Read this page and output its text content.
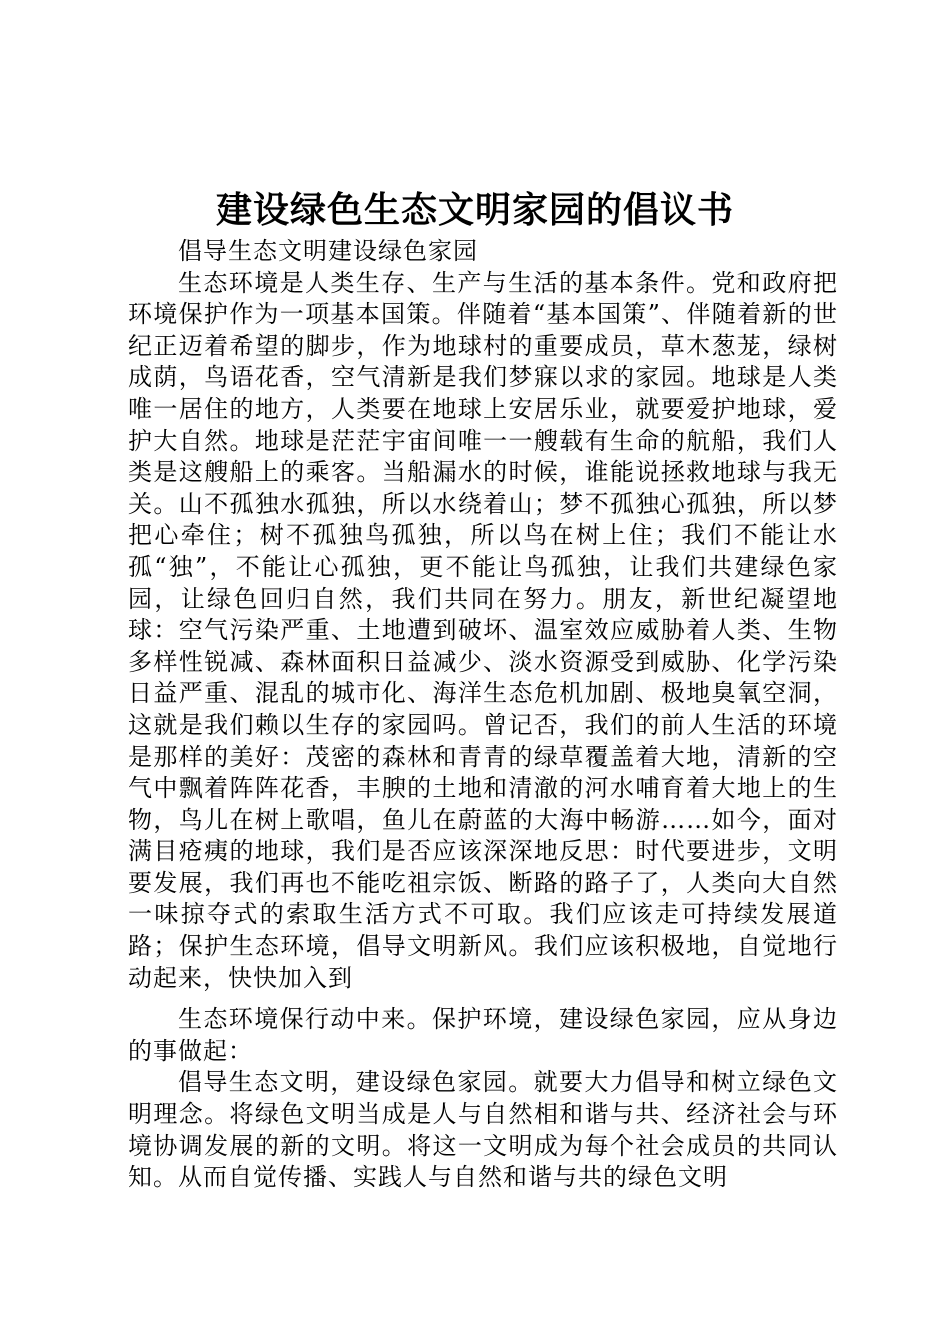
建设绿色生态文明家园的倡议书

倡导生态文明建设绿色家园

生态环境是人类生存、生产与生活的基本条件。党和政府把环境保护作为一项基本国策。伴随着“基本国策”、伴随着新的世纪正迈着希望的脚步，作为地球村的重要成员，草木葱茏，绿树成荫，鸟语花香，空气清新是我们梦寐以求的家园。地球是人类唯一居住的地方，人类要在地球上安居乐业，就要爱护地球，爱护大自然。地球是茫茫宇宙间唯一一艘载有生命的航船，我们人类是这艘船上的乘客。当船漏水的时候，谁能说拯救地球与我无关。山不孤独水孤独，所以水绕着山；梦不孤独心孤独，所以梦把心牵住；树不孤独鸟孤独，所以鸟在树上住；我们不能让水孤“独”，不能让心孤独，更不能让鸟孤独，让我们共建绿色家园，让绿色回归自然，我们共同在努力。朋友，新世纪凝望地球：空气污染严重、土地遭到破坏、温室效应威胁着人类、生物多样性锐减、森林面积日益减少、淡水资源受到威胁、化学污染日益严重、混乱的城市化、海洋生态危机加剧、极地臭氧空洞，这就是我们赖以生存的家园吗。曾记否，我们的前人生活的环境是那样的美好：茂密的森林和青青的绿草覆盖着大地，清新的空气中飘着阵阵花香，丰腴的土地和清澈的河水哺育着大地上的生物，鸟儿在树上歌唱，鱼儿在蔚蓝的大海中畅游……如今，面对满目疮痍的地球，我们是否应该深深地反思：时代要进步，文明要发展，我们再也不能吃祖宗饭、断路的路子了，人类向大自然一味掠夺式的索取生活方式不可取。我们应该走可持续发展道路；保护生态环境，倡导文明新风。我们应该积极地，自觉地行动起来，快快加入到

生态环境保行动中来。保护环境，建设绿色家园，应从身边的事做起：

倡导生态文明，建设绿色家园。就要大力倡导和树立绿色文明理念。将绿色文明当成是人与自然相和谐与共、经济社会与环境协调发展的新的文明。将这一文明成为每个社会成员的共同认知。从而自觉传播、实践人与自然和谐与共的绿色文明
